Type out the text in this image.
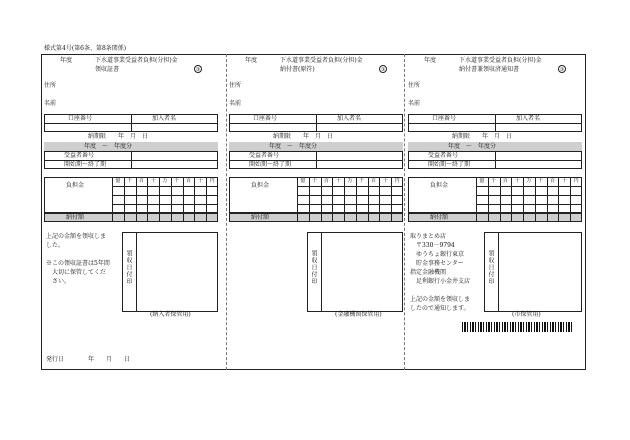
様式第4号(第6条、第8条関係)
年度	下水道事業受益者負担(分担)金
領収証書	③
住所
名前
口座番号	加入者名
納期限　　年　月　日
年度　～　年度分
受益者番号
開始期～終了期
億	千	百	十	万	千	百	十	円
負担金
納付額
上記の金額を領収しま
した。
※この領収証書は5年間
　大切に保管してくだ
　さい。	領収日付印
(納入者保管用)
発行日　　　　年　　月　　日
年度	下水道事業受益者負担(分担)金
納付書(原符)	③
住所
名前
口座番号	加入者名
納期限　　年　月　日
年度　～　年度分
受益者番号
開始期～終了期
億	千	百	十	万	千	百	十	円
負担金
納付額
領収日付印
(金融機関保管用)
年度	下水道事業受益者負担(分担)金
納付書兼領収済通知書	③
住所
名前
口座番号	加入者名
納期限　　年　月　日
年度　～　年度分
受益者番号
開始期～終了期
億	千	百	十	万	千	百	十	円
負担金
納付額
取りまとめ店
　〒330－9794
　ゆうちょ銀行東京
　貯金事務センター
指定金融機関
　足利銀行小金井支店
上記の金額を領収しま
したので通知します。
領収日付印
(市保管用)
